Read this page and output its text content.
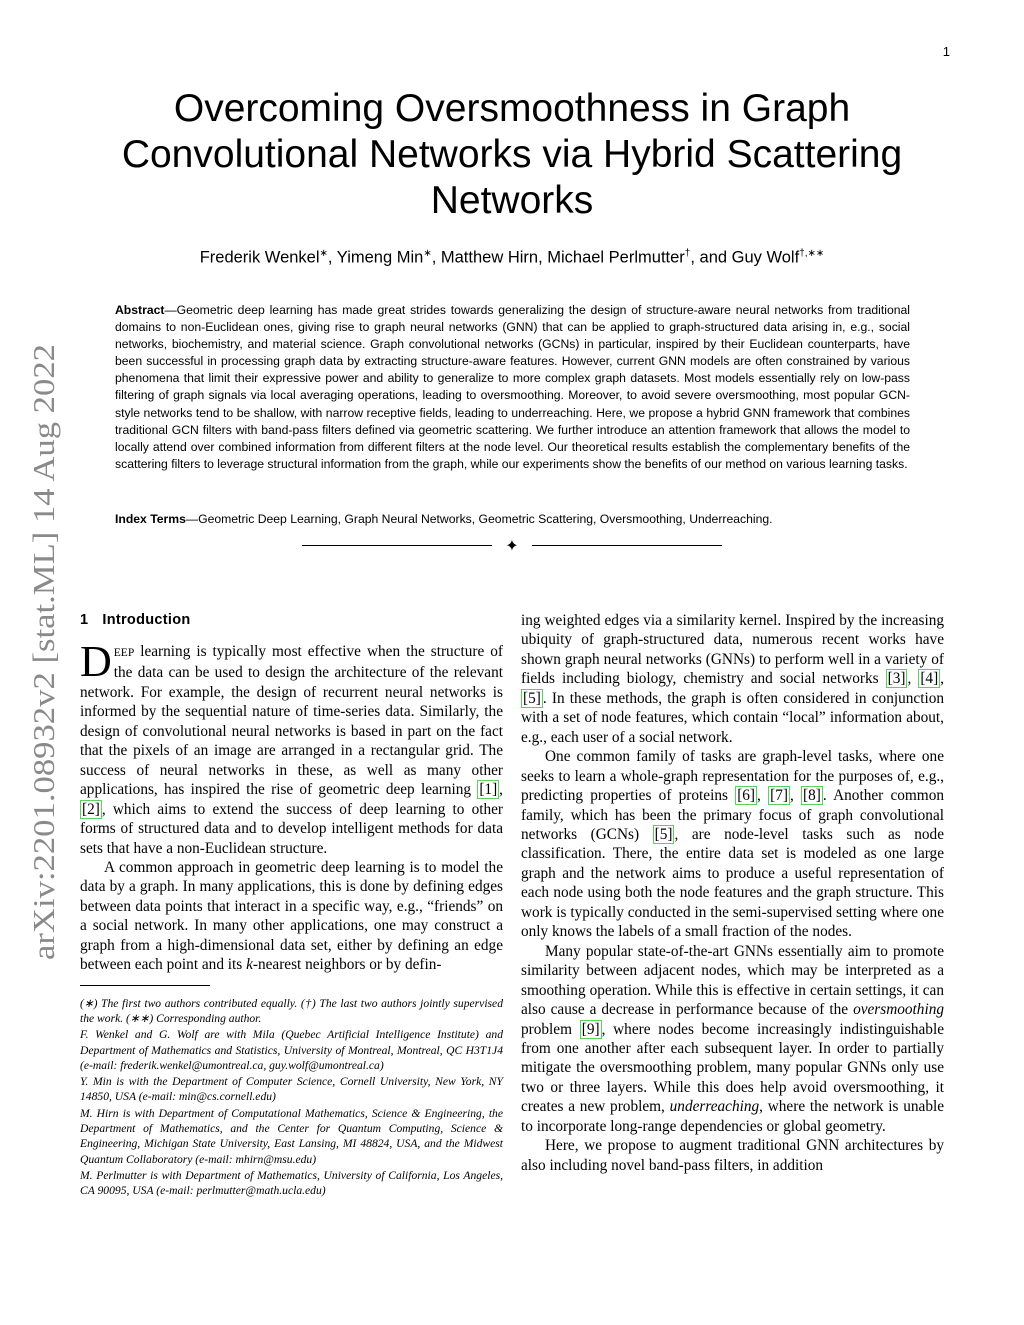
1
arXiv:2201.08932v2 [stat.ML] 14 Aug 2022
Overcoming Oversmoothness in Graph Convolutional Networks via Hybrid Scattering Networks
Frederik Wenkel∗, Yimeng Min∗, Matthew Hirn, Michael Perlmutter†, and Guy Wolf†,∗∗
Abstract—Geometric deep learning has made great strides towards generalizing the design of structure-aware neural networks from traditional domains to non-Euclidean ones, giving rise to graph neural networks (GNN) that can be applied to graph-structured data arising in, e.g., social networks, biochemistry, and material science. Graph convolutional networks (GCNs) in particular, inspired by their Euclidean counterparts, have been successful in processing graph data by extracting structure-aware features. However, current GNN models are often constrained by various phenomena that limit their expressive power and ability to generalize to more complex graph datasets. Most models essentially rely on low-pass filtering of graph signals via local averaging operations, leading to oversmoothing. Moreover, to avoid severe oversmoothing, most popular GCN-style networks tend to be shallow, with narrow receptive fields, leading to underreaching. Here, we propose a hybrid GNN framework that combines traditional GCN filters with band-pass filters defined via geometric scattering. We further introduce an attention framework that allows the model to locally attend over combined information from different filters at the node level. Our theoretical results establish the complementary benefits of the scattering filters to leverage structural information from the graph, while our experiments show the benefits of our method on various learning tasks.
Index Terms—Geometric Deep Learning, Graph Neural Networks, Geometric Scattering, Oversmoothing, Underreaching.
✦
1 Introduction

DEEP learning is typically most effective when the structure of the data can be used to design the architecture of the relevant network. For example, the design of recurrent neural networks is informed by the sequential nature of time-series data. Similarly, the design of convolutional neural networks is based in part on the fact that the pixels of an image are arranged in a rectangular grid. The success of neural networks in these, as well as many other applications, has inspired the rise of geometric deep learning [1] , [2] , which aims to extend the success of deep learning to other forms of structured data and to develop intelligent methods for data sets that have a non-Euclidean structure.

A common approach in geometric deep learning is to model the data by a graph. In many applications, this is done by defining edges between data points that interact in a specific way, e.g., “friends” on a social network. In many other applications, one may construct a graph from a high-dimensional data set, either by defining an edge between each point and its k-nearest neighbors or by defin-

(∗) The first two authors contributed equally. (†) The last two authors jointly supervised the work. (∗∗) Corresponding author.

F. Wenkel and G. Wolf are with Mila (Quebec Artificial Intelligence Institute) and Department of Mathematics and Statistics, University of Montreal, Montreal, QC H3T1J4 (e-mail: frederik.wenkel@umontreal.ca, guy.wolf@umontreal.ca)

Y. Min is with the Department of Computer Science, Cornell University, New York, NY 14850, USA (e-mail: min@cs.cornell.edu)

M. Hirn is with Department of Computational Mathematics, Science & Engineering, the Department of Mathematics, and the Center for Quantum Computing, Science & Engineering, Michigan State University, East Lansing, MI 48824, USA, and the Midwest Quantum Collaboratory (e-mail: mhirn@msu.edu)

M. Perlmutter is with Department of Mathematics, University of California, Los Angeles, CA 90095, USA (e-mail: perlmutter@math.ucla.edu)

ing weighted edges via a similarity kernel. Inspired by the increasing ubiquity of graph-structured data, numerous recent works have shown graph neural networks (GNNs) to perform well in a variety of fields including biology, chemistry and social networks [3] , [4] , [5] . In these methods, the graph is often considered in conjunction with a set of node features, which contain “local” information about, e.g., each user of a social network.

One common family of tasks are graph-level tasks, where one seeks to learn a whole-graph representation for the purposes of, e.g., predicting properties of proteins [6] , [7] , [8] . Another common family, which has been the primary focus of graph convolutional networks (GCNs) [5] , are node-level tasks such as node classification. There, the entire data set is modeled as one large graph and the network aims to produce a useful representation of each node using both the node features and the graph structure. This work is typically conducted in the semi-supervised setting where one only knows the labels of a small fraction of the nodes.

Many popular state-of-the-art GNNs essentially aim to promote similarity between adjacent nodes, which may be interpreted as a smoothing operation. While this is effective in certain settings, it can also cause a decrease in performance because of the oversmoothing problem [9] , where nodes become increasingly indistinguishable from one another after each subsequent layer. In order to partially mitigate the oversmoothing problem, many popular GNNs only use two or three layers. While this does help avoid oversmoothing, it creates a new problem, underreaching, where the network is unable to incorporate long-range dependencies or global geometry.

Here, we propose to augment traditional GNN architectures by also including novel band-pass filters, in addition
